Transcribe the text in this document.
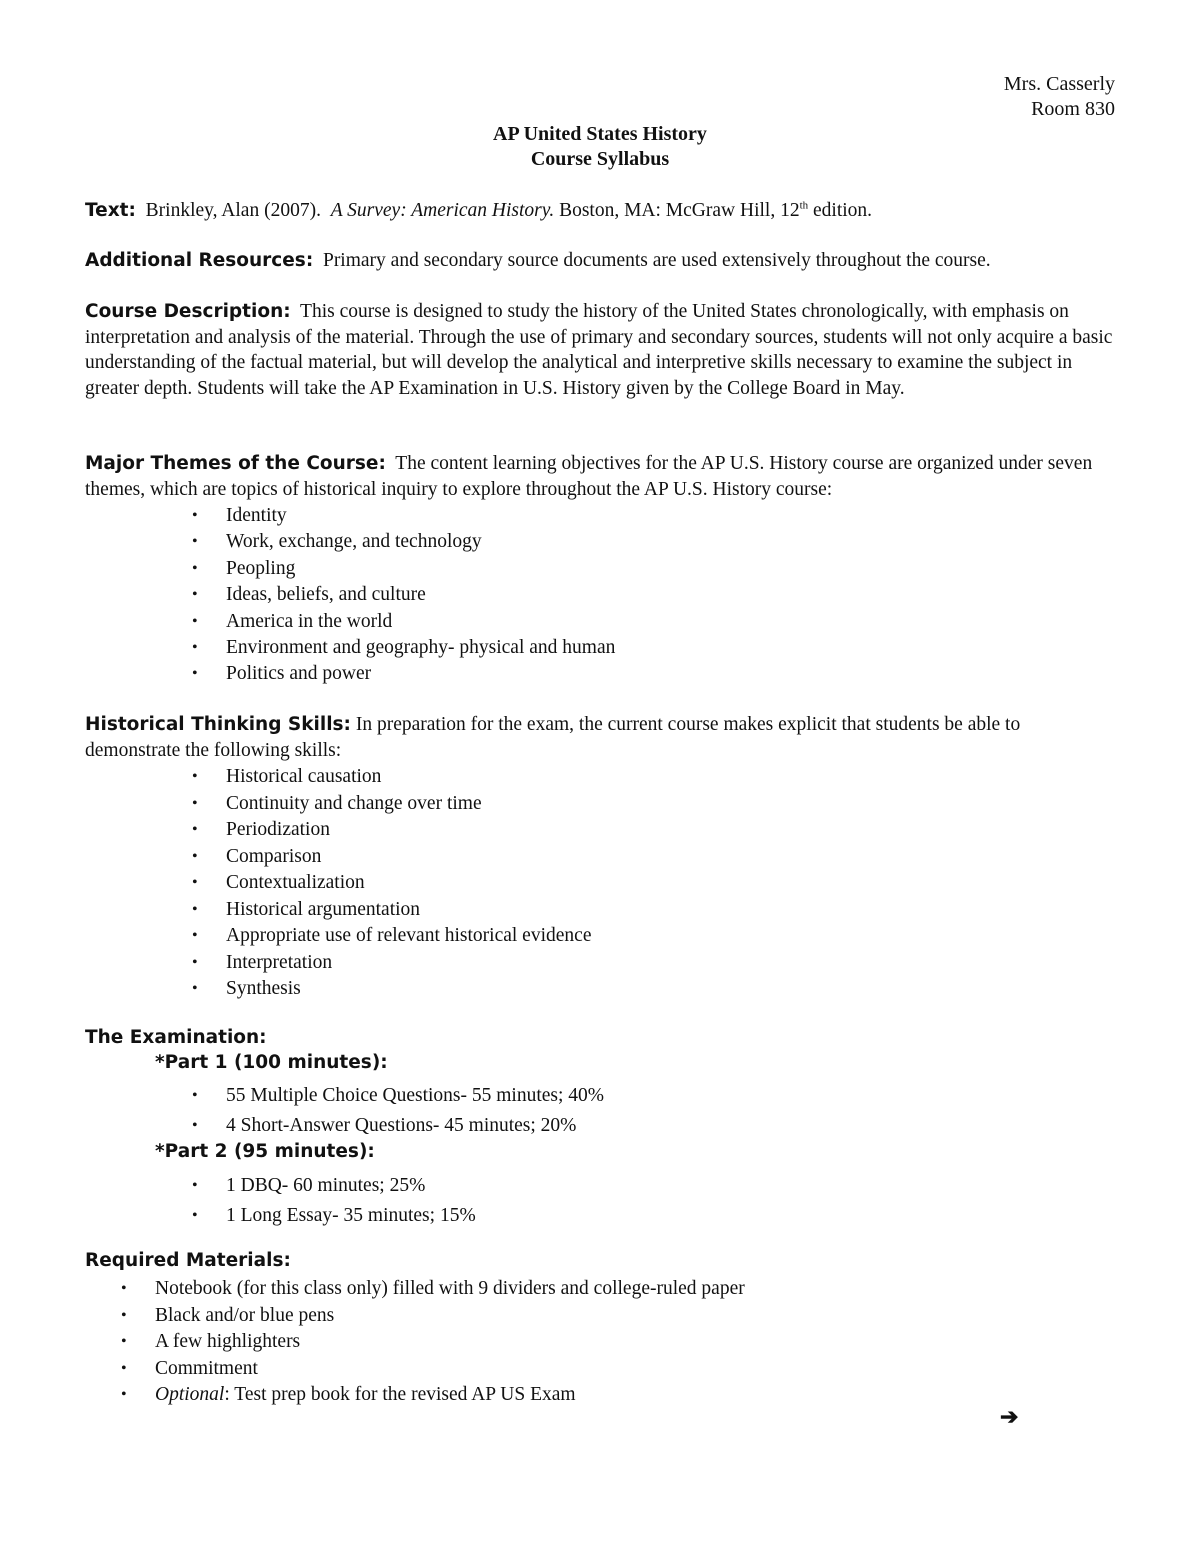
Mrs. Casserly
Room 830
AP United States History
Course Syllabus
Text: Brinkley, Alan (2007). A Survey: American History. Boston, MA: McGraw Hill, 12th edition.
Additional Resources: Primary and secondary source documents are used extensively throughout the course.
Course Description: This course is designed to study the history of the United States chronologically, with emphasis on interpretation and analysis of the material. Through the use of primary and secondary sources, students will not only acquire a basic understanding of the factual material, but will develop the analytical and interpretive skills necessary to examine the subject in greater depth. Students will take the AP Examination in U.S. History given by the College Board in May.
Major Themes of the Course: The content learning objectives for the AP U.S. History course are organized under seven themes, which are topics of historical inquiry to explore throughout the AP U.S. History course:
• Identity
• Work, exchange, and technology
• Peopling
• Ideas, beliefs, and culture
• America in the world
• Environment and geography- physical and human
• Politics and power
Historical Thinking Skills: In preparation for the exam, the current course makes explicit that students be able to demonstrate the following skills:
• Historical causation
• Continuity and change over time
• Periodization
• Comparison
• Contextualization
• Historical argumentation
• Appropriate use of relevant historical evidence
• Interpretation
• Synthesis
The Examination:
*Part 1 (100 minutes):
• 55 Multiple Choice Questions- 55 minutes; 40%
• 4 Short-Answer Questions- 45 minutes; 20%
*Part 2 (95 minutes):
• 1 DBQ- 60 minutes; 25%
• 1 Long Essay- 35 minutes; 15%
Required Materials:
• Notebook (for this class only) filled with 9 dividers and college-ruled paper
• Black and/or blue pens
• A few highlighters
• Commitment
• Optional: Test prep book for the revised AP US Exam
➔
